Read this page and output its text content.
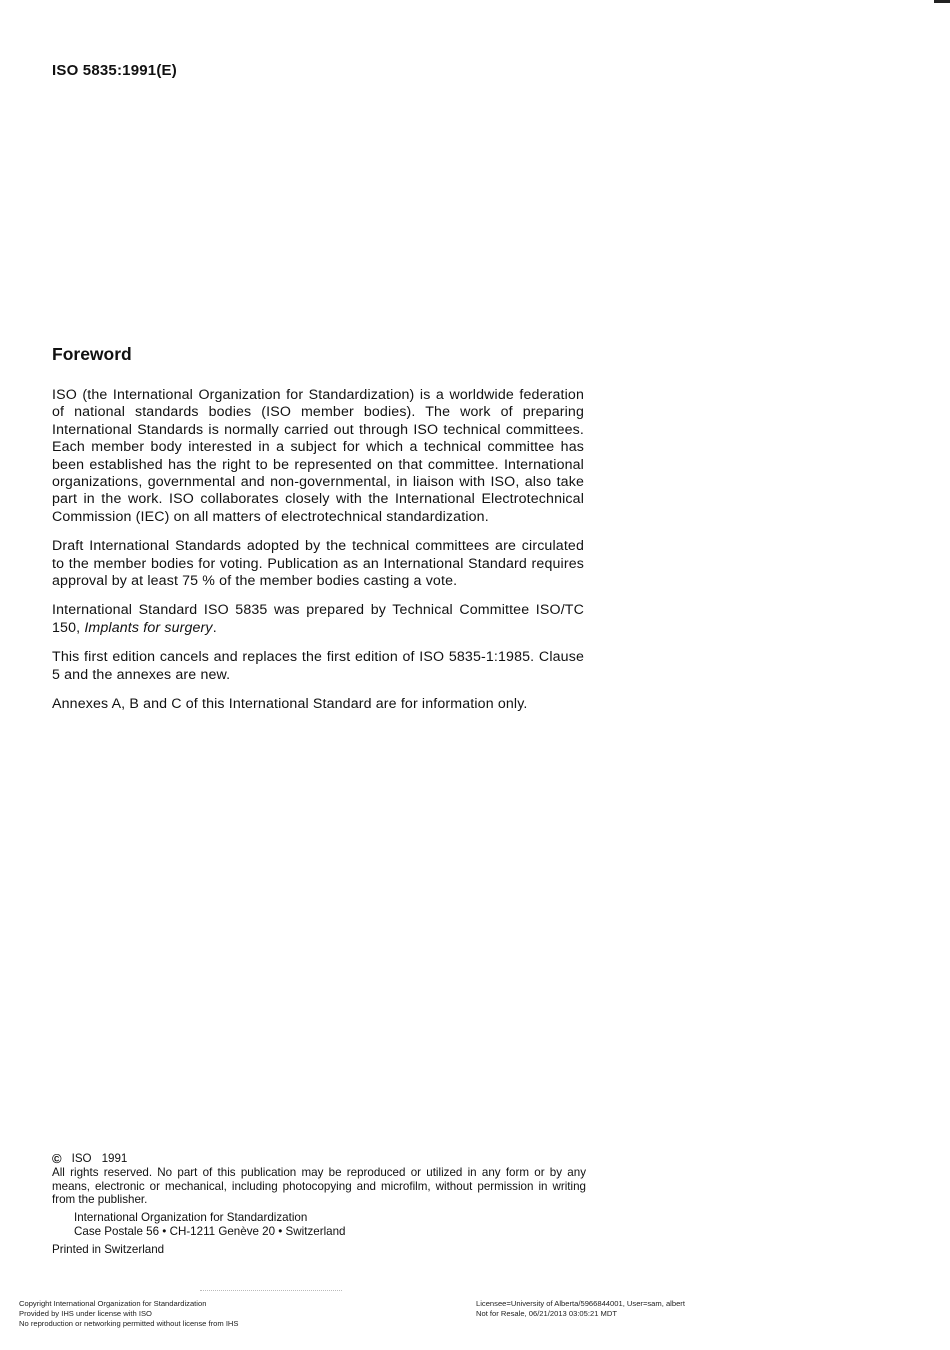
ISO 5835:1991(E)
Foreword

ISO (the International Organization for Standardization) is a worldwide federation of national standards bodies (ISO member bodies). The work of preparing International Standards is normally carried out through ISO technical committees. Each member body interested in a subject for which a technical committee has been established has the right to be represented on that committee. International organizations, governmental and non-governmental, in liaison with ISO, also take part in the work. ISO collaborates closely with the International Electrotechnical Commission (IEC) on all matters of electrotechnical standardization.

Draft International Standards adopted by the technical committees are circulated to the member bodies for voting. Publication as an International Standard requires approval by at least 75 % of the member bodies casting a vote.

International Standard ISO 5835 was prepared by Technical Committee ISO/TC 150, Implants for surgery.

This first edition cancels and replaces the first edition of ISO 5835-1:1985. Clause 5 and the annexes are new.

Annexes A, B and C of this International Standard are for information only.

© ISO 1991
All rights reserved. No part of this publication may be reproduced or utilized in any form or by any means, electronic or mechanical, including photocopying and microfilm, without permission in writing from the publisher.
International Organization for Standardization
Case Postale 56 • CH-1211 Genève 20 • Switzerland
Printed in Switzerland
Copyright International Organization for Standardization
Provided by IHS under license with ISO
No reproduction or networking permitted without license from IHS
Licensee=University of Alberta/5966844001, User=sam, albert
Not for Resale, 06/21/2013 03:05:21 MDT
